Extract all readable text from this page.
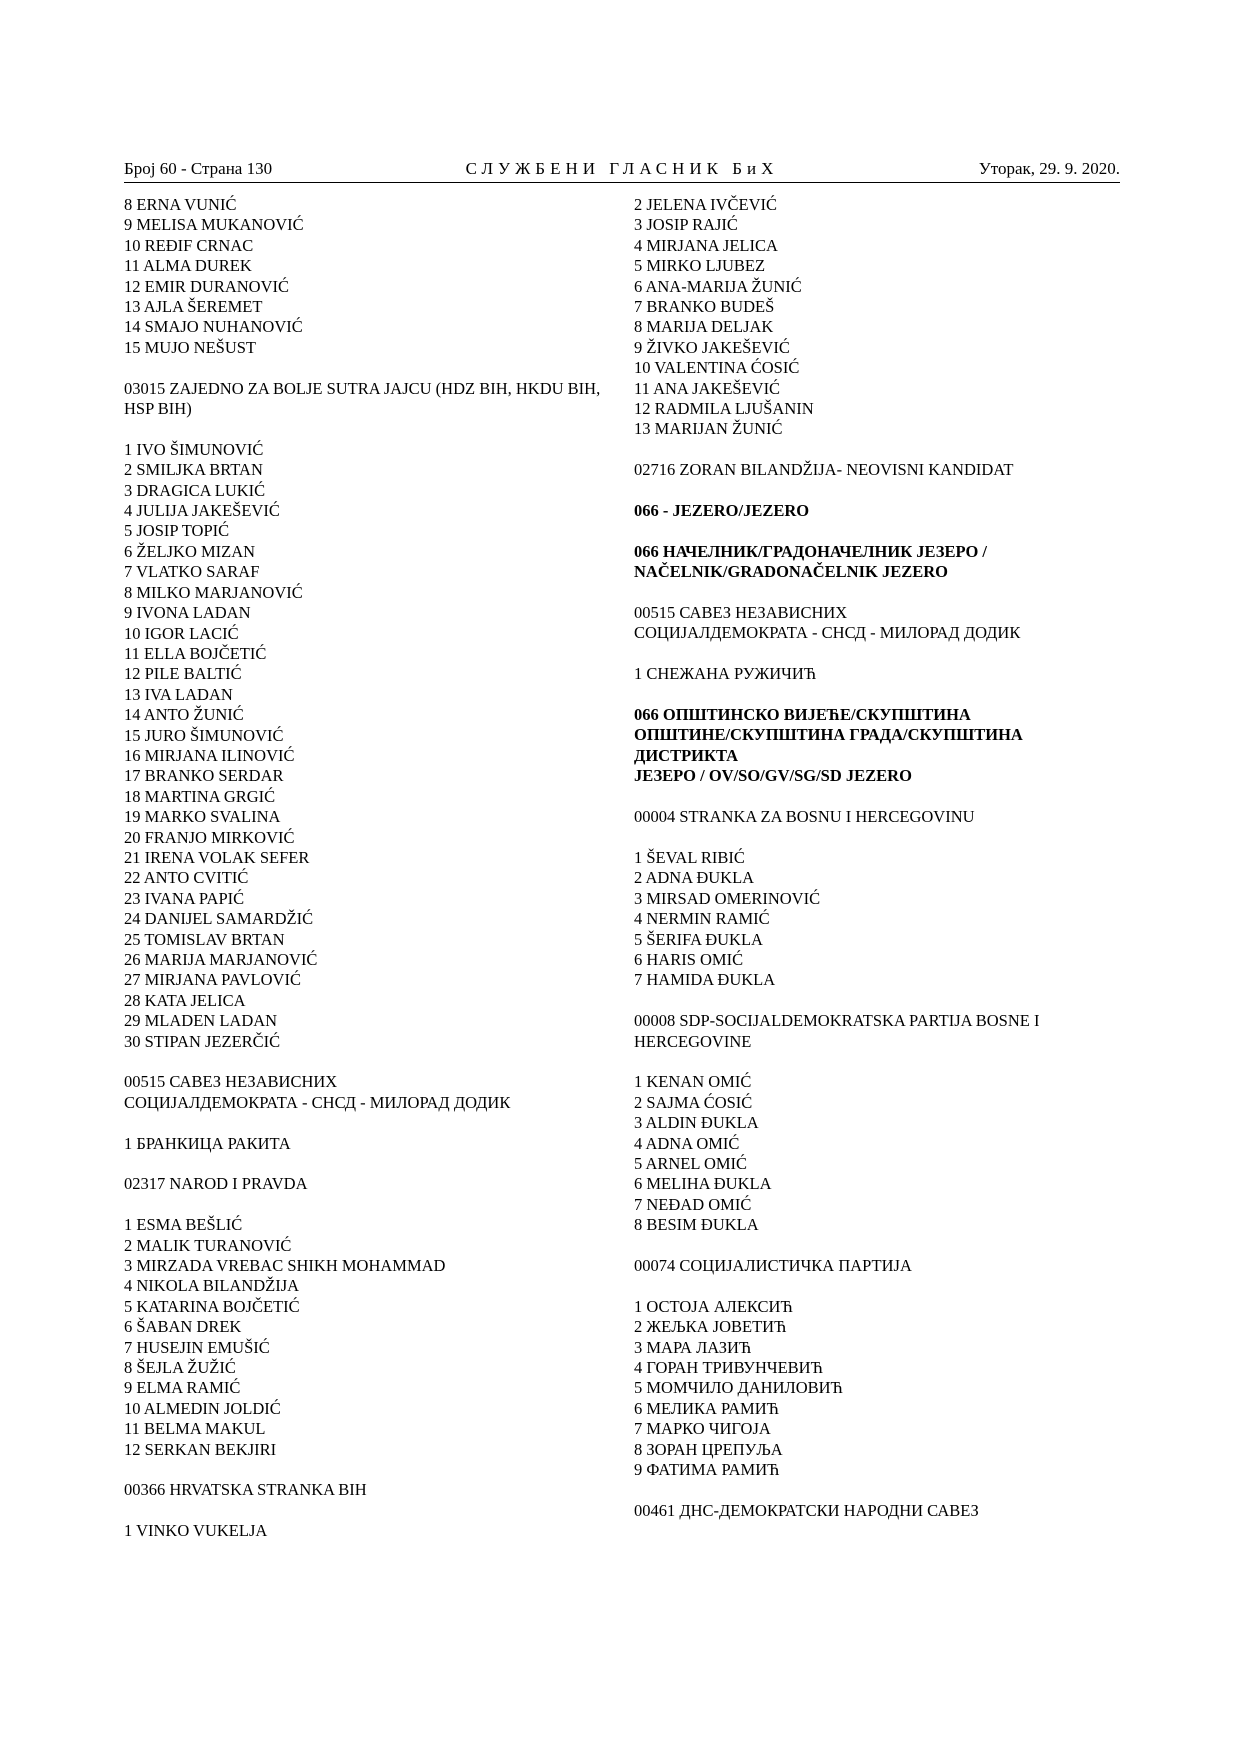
Број 60 - Страна 130	СЛУЖБЕНИ ГЛАСНИК БиХ	Уторак, 29. 9. 2020.
8 ERNA VUNIĆ
9 MELISA MUKANOVIĆ
10 REĐIF CRNAC
11 ALMA DUREK
12 EMIR DURANOVIĆ
13 AJLA ŠEREMET
14 SMAJO NUHANOVIĆ
15 MUJO NEŠUST
03015 ZAJEDNO ZA BOLJE SUTRA JAJCU (HDZ BIH, HKDU BIH, HSP BIH)
1 IVO ŠIMUNOVIĆ
2 SMILJKA BRTAN
3 DRAGICA LUKIĆ
4 JULIJA JAKEŠEVIĆ
5 JOSIP TOPIĆ
6 ŽELJKO MIZAN
7 VLATKO SARAF
8 MILKO MARJANOVIĆ
9 IVONA LADAN
10 IGOR LACIĆ
11 ELLA BOJČETIĆ
12 PILE BALTIĆ
13 IVA LADAN
14 ANTO ŽUNIĆ
15 JURO ŠIMUNOVIĆ
16 MIRJANA ILINOVIĆ
17 BRANKO SERDAR
18 MARTINA GRGIĆ
19 MARKO SVALINA
20 FRANJO MIRKOVIĆ
21 IRENA VOLAK SEFER
22 ANTO CVITIĆ
23 IVANA PAPIĆ
24 DANIJEL SAMARDŽIĆ
25 TOMISLAV BRTAN
26 MARIJA MARJANOVIĆ
27 MIRJANA PAVLOVIĆ
28 KATA JELICA
29 MLADEN LADAN
30 STIPAN JEZERČIĆ
00515 САВЕЗ НЕЗАВИСНИХ
СОЦИЈАЛДЕМОКРАТА - СНСД - МИЛОРАД ДОДИК
1 БРАНКИЦА РАКИТА
02317 NAROD I PRAVDA
1 ESMA BEŠLIĆ
2 MALIK TURANOVIĆ
3 MIRZADA VREBAC SHIKH MOHAMMAD
4 NIKOLA BILANDŽIJA
5 KATARINA BOJČETIĆ
6 ŠABAN DREK
7 HUSEJIN EMUŠIĆ
8 ŠEJLA ŽUŽIĆ
9 ELMA RAMIĆ
10 ALMEDIN JOLDIĆ
11 BELMA MAKUL
12 SERKAN BEKJIRI
00366 HRVATSKA STRANKA BIH
1 VINKO VUKELJA
2 JELENA IVČEVIĆ
3 JOSIP RAJIĆ
4 MIRJANA JELICA
5 MIRKO LJUBEZ
6 ANA-MARIJA ŽUNIĆ
7 BRANKO BUDEŠ
8 MARIJA DELJAK
9 ŽIVKO JAKEŠEVIĆ
10 VALENTINA ĆOSIĆ
11 ANA JAKEŠEVIĆ
12 RADMILA LJUŠANIN
13 MARIJAN ŽUNIĆ
02716 ZORAN BILANDŽIJA- NEOVISNI KANDIDAT
066 - JEZERO/JEZERO
066 НАЧЕЛНИК/ГРАДОНАЧЕЛНИК ЈЕЗЕРО /
NAČELNIK/GRADONAČELNIK JEZERO
00515 САВЕЗ НЕЗАВИСНИХ
СОЦИЈАЛДЕМОКРАТА - СНСД - МИЛОРАД ДОДИК
1 СНЕЖАНА РУЖИЧИЋ
066 ОПШТИНСКО ВИЈЕЋЕ/СКУПШТИНА
ОПШТИНЕ/СКУПШТИНА ГРАДА/СКУПШТИНА
ДИСТРИКТА
ЈЕЗЕРО / OV/SO/GV/SG/SD JEZERO
00004 STRANKA ZA BOSNU I HERCEGOVINU
1 ŠEVAL RIBIĆ
2 ADNA ĐUKLA
3 MIRSAD OMERINOVIĆ
4 NERMIN RAMIĆ
5 ŠERIFA ĐUKLA
6 HARIS OMIĆ
7 HAMIDA ĐUKLA
00008 SDP-SOCIJALDEMOKRATSKA PARTIJA BOSNE I
HERCEGOVINE
1 KENAN OMIĆ
2 SAJMA ĆOSIĆ
3 ALDIN ĐUKLA
4 ADNA OMIĆ
5 ARNEL OMIĆ
6 MELIHA ĐUKLA
7 NEĐAD OMIĆ
8 BESIM ĐUKLA
00074 СОЦИЈАЛИСТИЧКА ПАРТИЈА
1 ОСТОЈА АЛЕКСИЋ
2 ЖЕЉКА ЈОВЕТИЋ
3 МАРА ЛАЗИЋ
4 ГОРАН ТРИВУНЧЕВИЋ
5 МОМЧИЛО ДАНИЛОВИЋ
6 МЕЛИКА РАМИЋ
7 МАРКО ЧИГОЈА
8 ЗОРАН ЦРЕПУЉА
9 ФАТИМА РАМИЋ
00461 ДНС-ДЕМОКРАТСКИ НАРОДНИ САВЕЗ
